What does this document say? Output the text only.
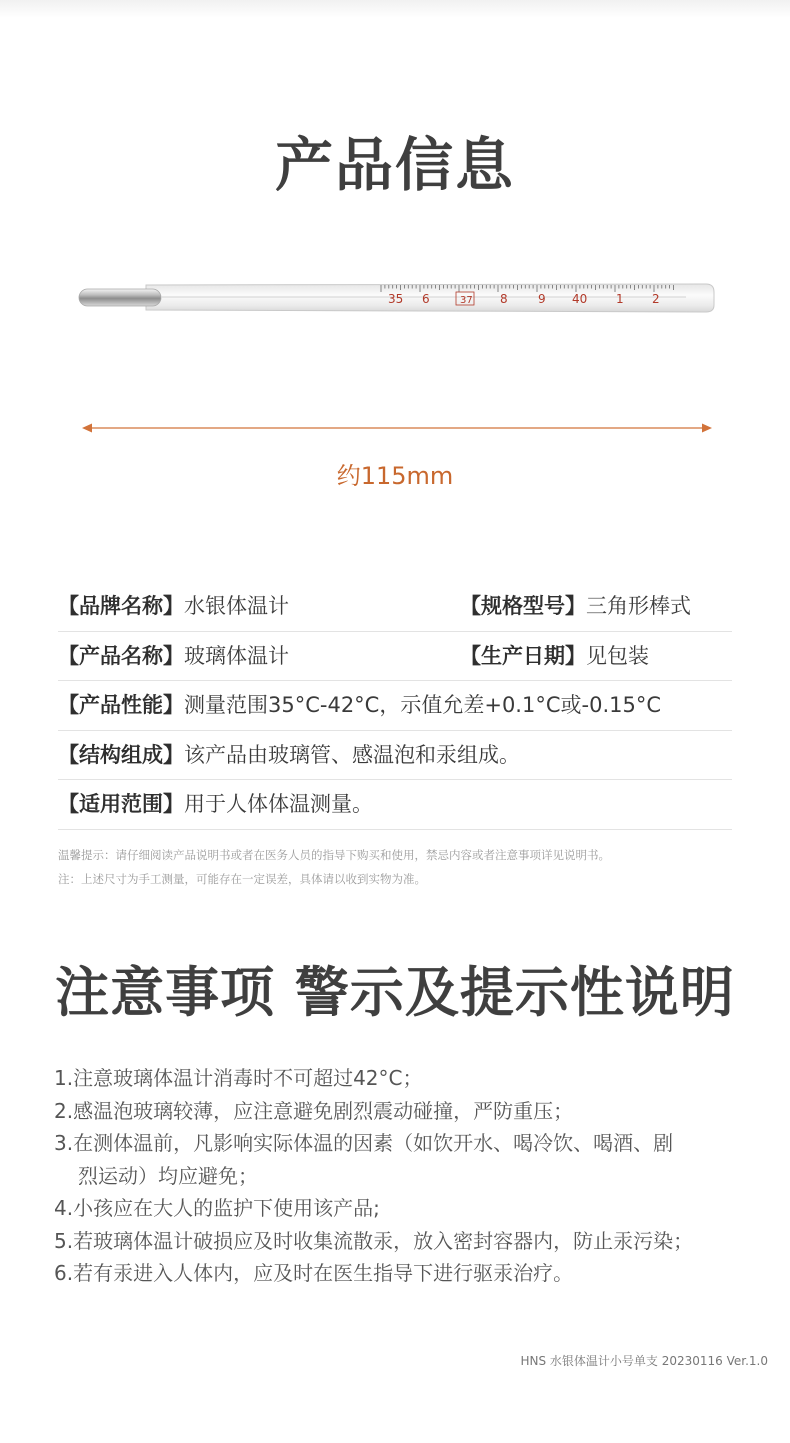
产品信息
35 6	37 8	9 40 1 2
约115mm
【品牌名称】水银体温计	【规格型号】三角形棒式
【产品名称】玻璃体温计	【生产日期】见包装
【产品性能】测量范围35°C-42°C，示值允差+0.1°C或-0.15°C
【结构组成】该产品由玻璃管、感温泡和汞组成。
【适用范围】用于人体体温测量。
温馨提示：请仔细阅读产品说明书或者在医务人员的指导下购买和使用，禁忌内容或者注意事项详见说明书。
注：上述尺寸为手工测量，可能存在一定误差，具体请以收到实物为准。
注意事项 警示及提示性说明
1.注意玻璃体温计消毒时不可超过42°C；
2.感温泡玻璃较薄，应注意避免剧烈震动碰撞，严防重压；
3.在测体温前，凡影响实际体温的因素（如饮开水、喝冷饮、喝酒、剧
烈运动）均应避免；
4.小孩应在大人的监护下使用该产品;
5.若玻璃体温计破损应及时收集流散汞，放入密封容器内，防止汞污染；
6.若有汞进入人体内，应及时在医生指导下进行驱汞治疗。
HNS 水银体温计小号单支 20230116 Ver.1.0
